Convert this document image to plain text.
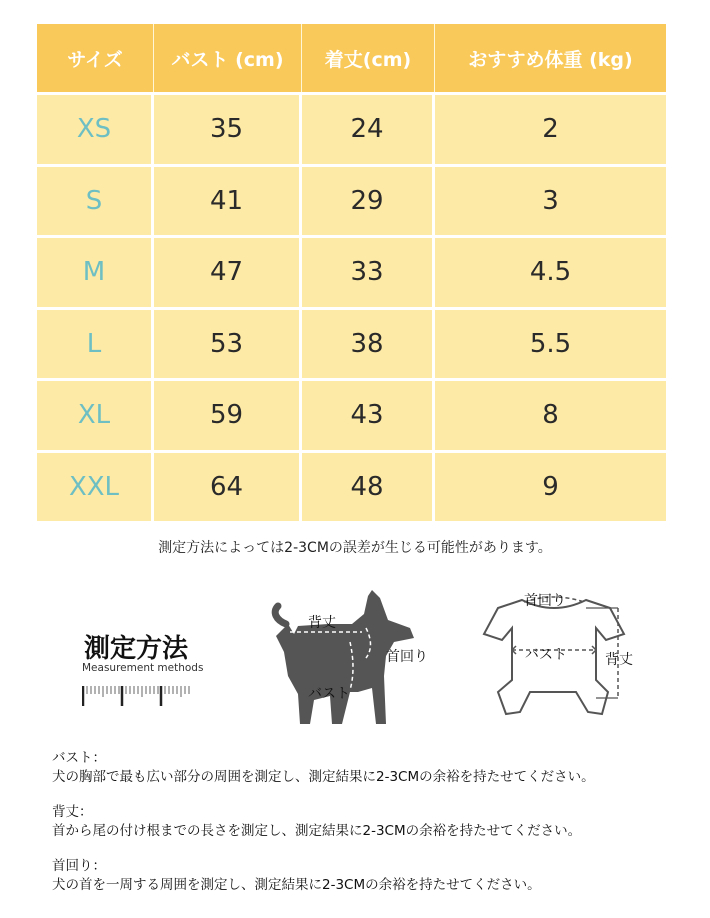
サイズ	バスト (cm)	着丈(cm)	おすすめ体重 (kg)
XS	35	24	2
S	41	29	3
M	47	33	4.5
L	53	38	5.5
XL	59	43	8
XXL	64	48	9
測定方法によっては2-3CMの誤差が生じる可能性があります。
測定方法
Measurement methods
背丈
首回り
バスト
首回り
バスト	背丈
バスト：
犬の胸部で最も広い部分の周囲を測定し、測定結果に2-3CMの余裕を持たせてください。
背丈：
首から尾の付け根までの長さを測定し、測定結果に2-3CMの余裕を持たせてください。
首回り：
犬の首を一周する周囲を測定し、測定結果に2-3CMの余裕を持たせてください。
